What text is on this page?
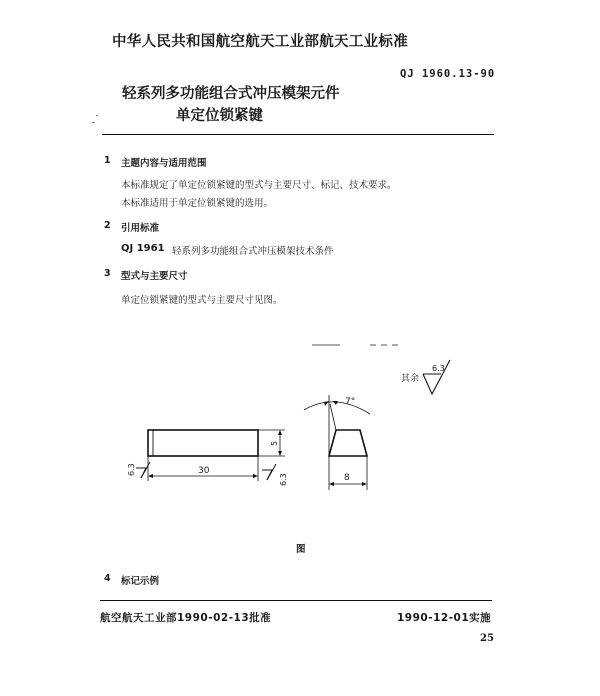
中华人民共和国航空航天工业部航天工业标准
QJ 1960.13-90
轻系列多功能组合式冲压模架元件
单定位锁紧键
1 主题内容与适用范围
本标准规定了单定位锁紧键的型式与主要尺寸、标记、技术要求。
本标准适用于单定位锁紧键的选用。
2 引用标准
QJ 1961 轻系列多功能组合式冲压模架技术条件
3 型式与主要尺寸
单定位锁紧键的型式与主要尺寸见图。
其余
6.3
5
30
6.3
6.3
7°
8
图
4 标记示例
航空航天工业部1990-02-13批准	1990-12-01实施
25
